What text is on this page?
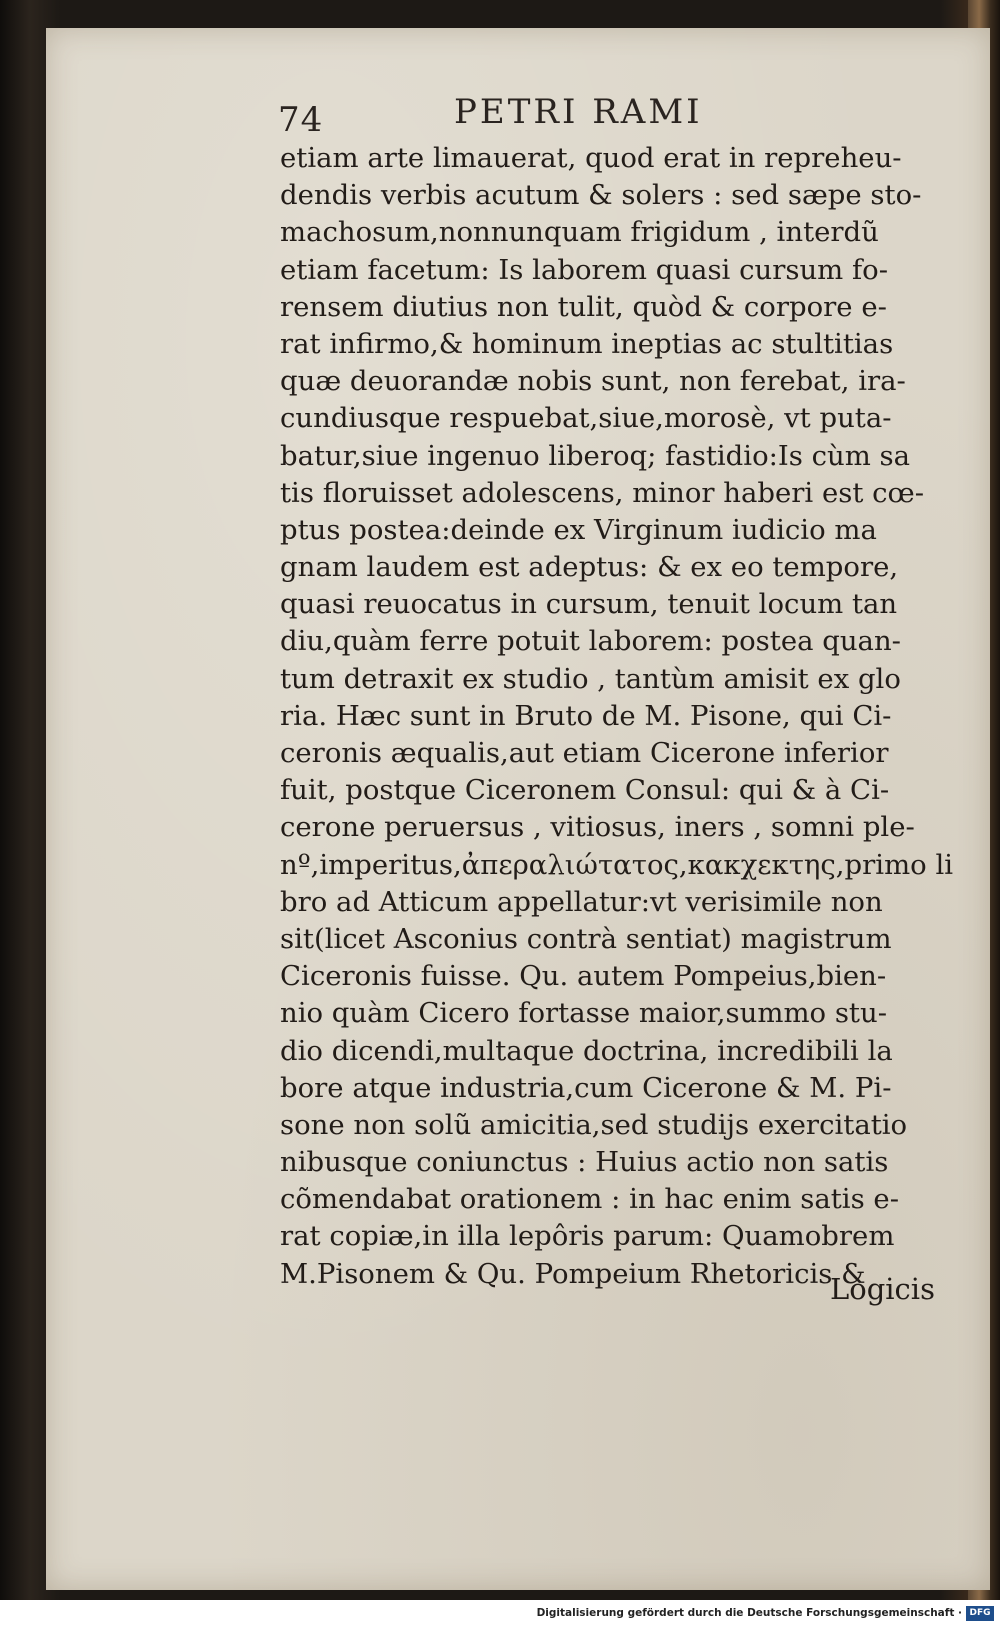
74	PETRI RAMI
etiam arte limauerat, quod erat in repreheu-
dendis verbis acutum & solers : sed sæpe sto-
machosum,nonnunquam frigidum , interdũ
etiam facetum: Is laborem quasi cursum fo-
rensem diutius non tulit, quòd & corpore e-
rat infirmo,& hominum ineptias ac stultitias
quæ deuorandæ nobis sunt, non ferebat, ira-
cundiusque respuebat,siue,morosè, vt puta-
batur,siue ingenuo liberoq; fastidio:Is cùm sa
tis floruisset adolescens, minor haberi est cœ-
ptus postea:deinde ex Virginum iudicio ma
gnam laudem est adeptus: & ex eo tempore,
quasi reuocatus in cursum, tenuit locum tan
diu,quàm ferre potuit laborem: postea quan-
tum detraxit ex studio , tantùm amisit ex glo
ria. Hæc sunt in Bruto de M. Pisone, qui Ci-
ceronis æqualis,aut etiam Cicerone inferior
fuit, postque Ciceronem Consul: qui & à Ci-
cerone peruersus , vitiosus, iners , somni ple-
nº,imperitus,ἀπεραλιώτατος,κακχεκτης,primo li
bro ad Atticum appellatur:vt verisimile non
sit(licet Asconius contrà sentiat) magistrum
Ciceronis fuisse. Qu. autem Pompeius,bien-
nio quàm Cicero fortasse maior,summo stu-
dio dicendi,multaque doctrina, incredibili la
bore atque industria,cum Cicerone & M. Pi-
sone non solũ amicitia,sed studijs exercitatio
nibusque coniunctus : Huius actio non satis
cõmendabat orationem : in hac enim satis e-
rat copiæ,in illa lepôris parum: Quamobrem
M.Pisonem & Qu. Pompeium Rhetoricis &
Logicis
Digitalisierung gefördert durch die Deutsche Forschungsgemeinschaft · DFG
